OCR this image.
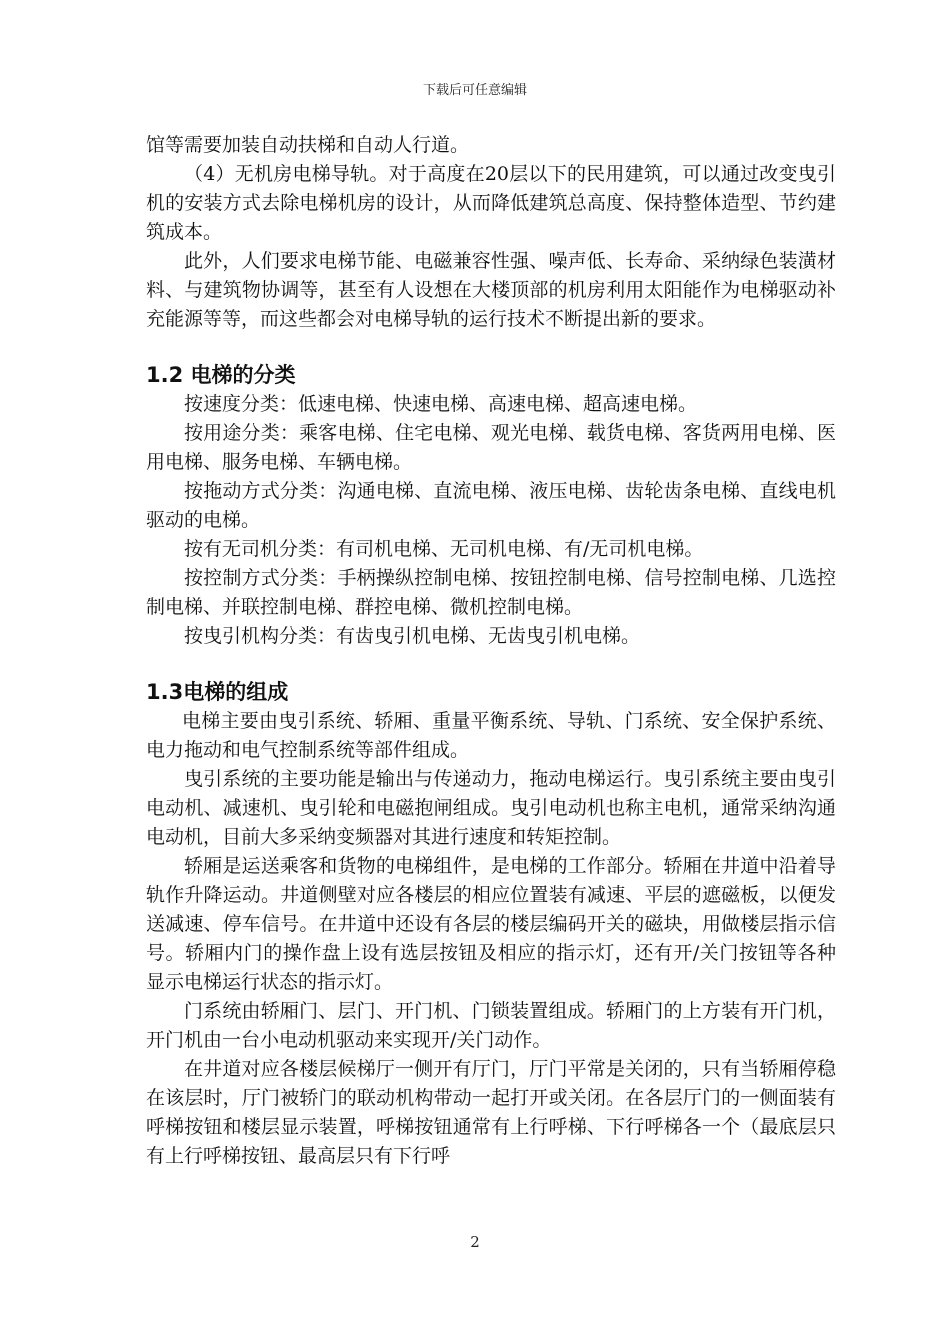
下载后可任意编辑

馆等需要加装自动扶梯和自动人行道。

（4）无机房电梯导轨。对于高度在20层以下的民用建筑，可以通过改变曳引机的安装方式去除电梯机房的设计，从而降低建筑总高度、保持整体造型、节约建筑成本。

此外，人们要求电梯节能、电磁兼容性强、噪声低、长寿命、采纳绿色装潢材料、与建筑物协调等，甚至有人设想在大楼顶部的机房利用太阳能作为电梯驱动补充能源等等，而这些都会对电梯导轨的运行技术不断提出新的要求。

1.2 电梯的分类

按速度分类：低速电梯、快速电梯、高速电梯、超高速电梯。

按用途分类：乘客电梯、住宅电梯、观光电梯、载货电梯、客货两用电梯、医用电梯、服务电梯、车辆电梯。

按拖动方式分类：沟通电梯、直流电梯、液压电梯、齿轮齿条电梯、直线电机驱动的电梯。

按有无司机分类：有司机电梯、无司机电梯、有/无司机电梯。

按控制方式分类：手柄操纵控制电梯、按钮控制电梯、信号控制电梯、几选控制电梯、并联控制电梯、群控电梯、微机控制电梯。

按曳引机构分类：有齿曳引机电梯、无齿曳引机电梯。

1.3电梯的组成

电梯主要由曳引系统、轿厢、重量平衡系统、导轨、门系统、安全保护系统、电力拖动和电气控制系统等部件组成。

曳引系统的主要功能是输出与传递动力，拖动电梯运行。曳引系统主要由曳引电动机、减速机、曳引轮和电磁抱闸组成。曳引电动机也称主电机，通常采纳沟通电动机，目前大多采纳变频器对其进行速度和转矩控制。

轿厢是运送乘客和货物的电梯组件，是电梯的工作部分。轿厢在井道中沿着导轨作升降运动。井道侧壁对应各楼层的相应位置装有减速、平层的遮磁板，以便发送减速、停车信号。在井道中还设有各层的楼层编码开关的磁块，用做楼层指示信号。轿厢内门的操作盘上设有选层按钮及相应的指示灯，还有开/关门按钮等各种显示电梯运行状态的指示灯。

门系统由轿厢门、层门、开门机、门锁装置组成。轿厢门的上方装有开门机，开门机由一台小电动机驱动来实现开/关门动作。

在井道对应各楼层候梯厅一侧开有厅门，厅门平常是关闭的，只有当轿厢停稳在该层时，厅门被轿门的联动机构带动一起打开或关闭。在各层厅门的一侧面装有呼梯按钮和楼层显示装置，呼梯按钮通常有上行呼梯、下行呼梯各一个（最底层只有上行呼梯按钮、最高层只有下行呼

2
